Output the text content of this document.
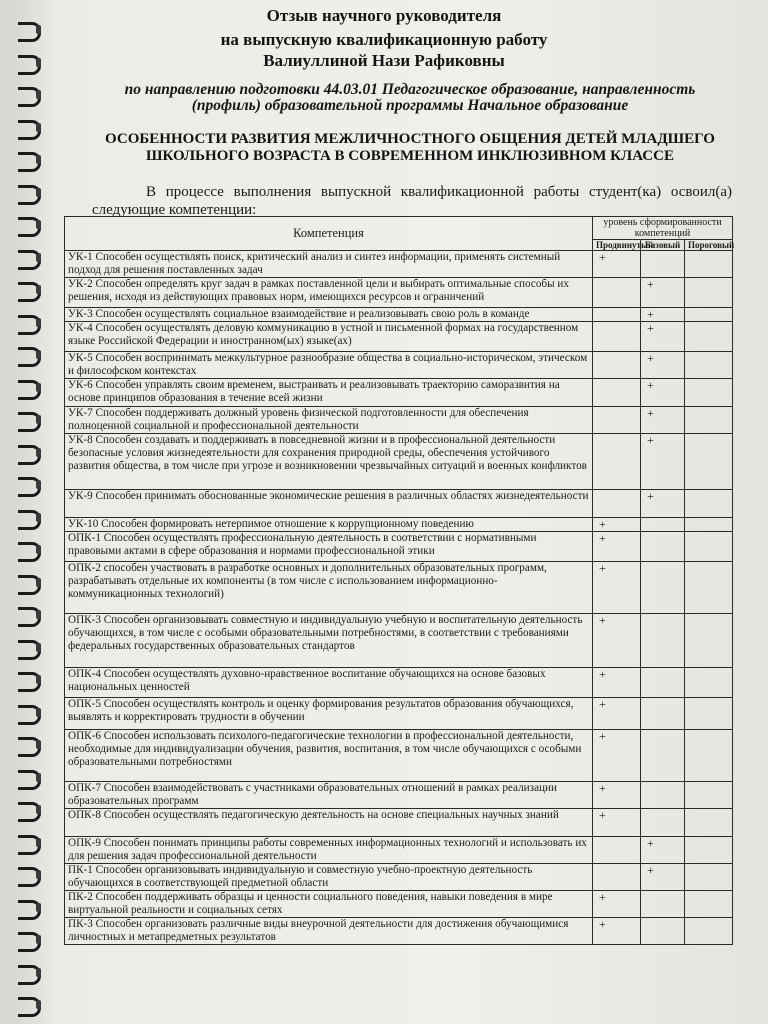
Отзыв научного руководителя
на выпускную квалификационную работу
Валиуллиной Нази Рафиковны
по направлению подготовки 44.03.01 Педагогическое образование, направленность (профиль) образовательной программы Начальное образование
ОСОБЕННОСТИ РАЗВИТИЯ МЕЖЛИЧНОСТНОГО ОБЩЕНИЯ ДЕТЕЙ МЛАДШЕГО ШКОЛЬНОГО ВОЗРАСТА В СОВРЕМЕННОМ ИНКЛЮЗИВНОМ КЛАССЕ
В процессе выполнения выпускной квалификационной работы студент(ка) освоил(а) следующие компетенции:
Компетенция	уровень сформированности компетенций		
	Продвинутый	Базовый	Пороговый
УК-1 Способен осуществлять поиск, критический анализ и синтез информации, применять системный подход для решения поставленных задач	+		
УК-2 Способен определять круг задач в рамках поставленной цели и выбирать оптимальные способы их решения, исходя из действующих правовых норм, имеющихся ресурсов и ограничений		+	
УК-3 Способен осуществлять социальное взаимодействие и реализовывать свою роль в команде		+	
УК-4 Способен осуществлять деловую коммуникацию в устной и письменной формах на государственном языке Российской Федерации и иностранном(ых) языке(ах)		+	
УК-5 Способен воспринимать межкультурное разнообразие общества в социально-историческом, этическом и философском контекстах		+	
УК-6 Способен управлять своим временем, выстраивать и реализовывать траекторию саморазвития на основе принципов образования в течение всей жизни		+	
УК-7 Способен поддерживать должный уровень физической подготовленности для обеспечения полноценной социальной и профессиональной деятельности		+	
УК-8 Способен создавать и поддерживать в повседневной жизни и в профессиональной деятельности безопасные условия жизнедеятельности для сохранения природной среды, обеспечения устойчивого развития общества, в том числе при угрозе и возникновении чрезвычайных ситуаций и военных конфликтов		+	
УК-9 Способен принимать обоснованные экономические решения в различных областях жизнедеятельности		+	
УК-10 Способен формировать нетерпимое отношение к коррупционному поведению	+		
ОПК-1 Способен осуществлять профессиональную деятельность в соответствии с нормативными правовыми актами в сфере образования и нормами профессиональной этики	+		
ОПК-2 способен участвовать в разработке основных и дополнительных образовательных программ, разрабатывать отдельные их компоненты (в том числе с использованием информационно-коммуникационных технологий)	+		
ОПК-3 Способен организовывать совместную и индивидуальную учебную и воспитательную деятельность обучающихся, в том числе с особыми образовательными потребностями, в соответствии с требованиями федеральных государственных образовательных стандартов	+		
ОПК-4 Способен осуществлять духовно-нравственное воспитание обучающихся на основе базовых национальных ценностей	+		
ОПК-5 Способен осуществлять контроль и оценку формирования результатов образования обучающихся, выявлять и корректировать трудности в обучении	+		
ОПК-6 Способен использовать психолого-педагогические технологии в профессиональной деятельности, необходимые для индивидуализации обучения, развития, воспитания, в том числе обучающихся с особыми образовательными потребностями	+		
ОПК-7 Способен взаимодействовать с участниками образовательных отношений в рамках реализации образовательных программ	+		
ОПК-8 Способен осуществлять педагогическую деятельность на основе специальных научных знаний	+		
ОПК-9 Способен понимать принципы работы современных информационных технологий и использовать их для решения задач профессиональной деятельности		+	
ПК-1 Способен организовывать индивидуальную и совместную учебно-проектную деятельность обучающихся в соответствующей предметной области		+	
ПК-2 Способен поддерживать образцы и ценности социального поведения, навыки поведения в мире виртуальной реальности и социальных сетях	+		
ПК-3 Способен организовать различные виды внеурочной деятельности для достижения обучающимися личностных и метапредметных результатов	+		
